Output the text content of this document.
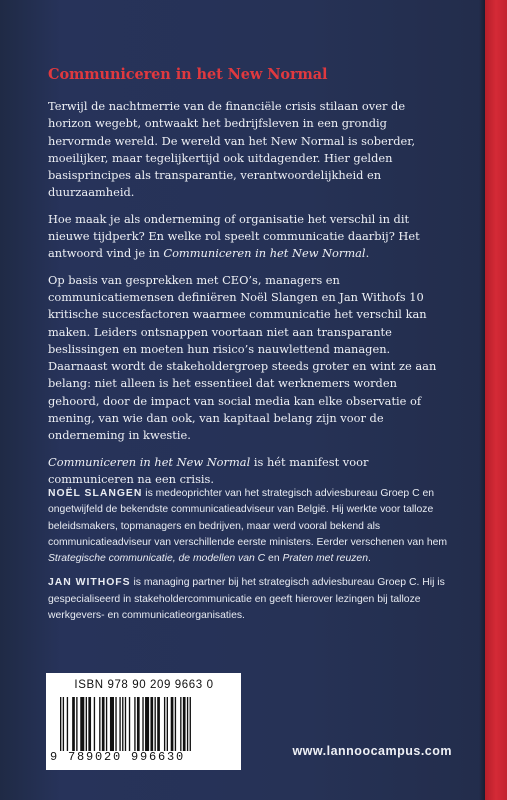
Communiceren in het New Normal

Terwijl de nachtmerrie van de financiële crisis stilaan over de horizon wegebt, ontwaakt het bedrijfsleven in een grondig hervormde wereld. De wereld van het New Normal is soberder, moeilijker, maar tegelijkertijd ook uitdagender. Hier gelden basisprincipes als transparantie, verantwoordelijkheid en duurzaamheid.

Hoe maak je als onderneming of organisatie het verschil in dit nieuwe tijdperk? En welke rol speelt communicatie daarbij? Het antwoord vind je in Communiceren in het New Normal.

Op basis van gesprekken met CEO’s, managers en communicatiemensen definiëren Noël Slangen en Jan Withofs 10 kritische succesfactoren waarmee communicatie het verschil kan maken. Leiders ontsnappen voortaan niet aan transparante beslissingen en moeten hun risico’s nauwlettend managen. Daarnaast wordt de stakeholdergroep steeds groter en wint ze aan belang: niet alleen is het essentieel dat werknemers worden gehoord, door de impact van social media kan elke observatie of mening, van wie dan ook, van kapitaal belang zijn voor de onderneming in kwestie.

Communiceren in het New Normal is hét manifest voor communiceren na een crisis.

NOËL SLANGEN is medeoprichter van het strategisch adviesbureau Groep C en ongetwijfeld de bekendste communicatieadviseur van België. Hij werkte voor talloze beleidsmakers, topmanagers en bedrijven, maar werd vooral bekend als communicatieadviseur van verschillende eerste ministers. Eerder verschenen van hem Strategische communicatie, de modellen van C en Praten met reuzen.

JAN WITHOFS is managing partner bij het strategisch adviesbureau Groep C. Hij is gespecialiseerd in stakeholdercommunicatie en geeft hierover lezingen bij talloze werkgevers- en communicatieorganisaties.

ISBN 978 90 209 9663 0
9 789020 996630	www.lannoocampus.com
